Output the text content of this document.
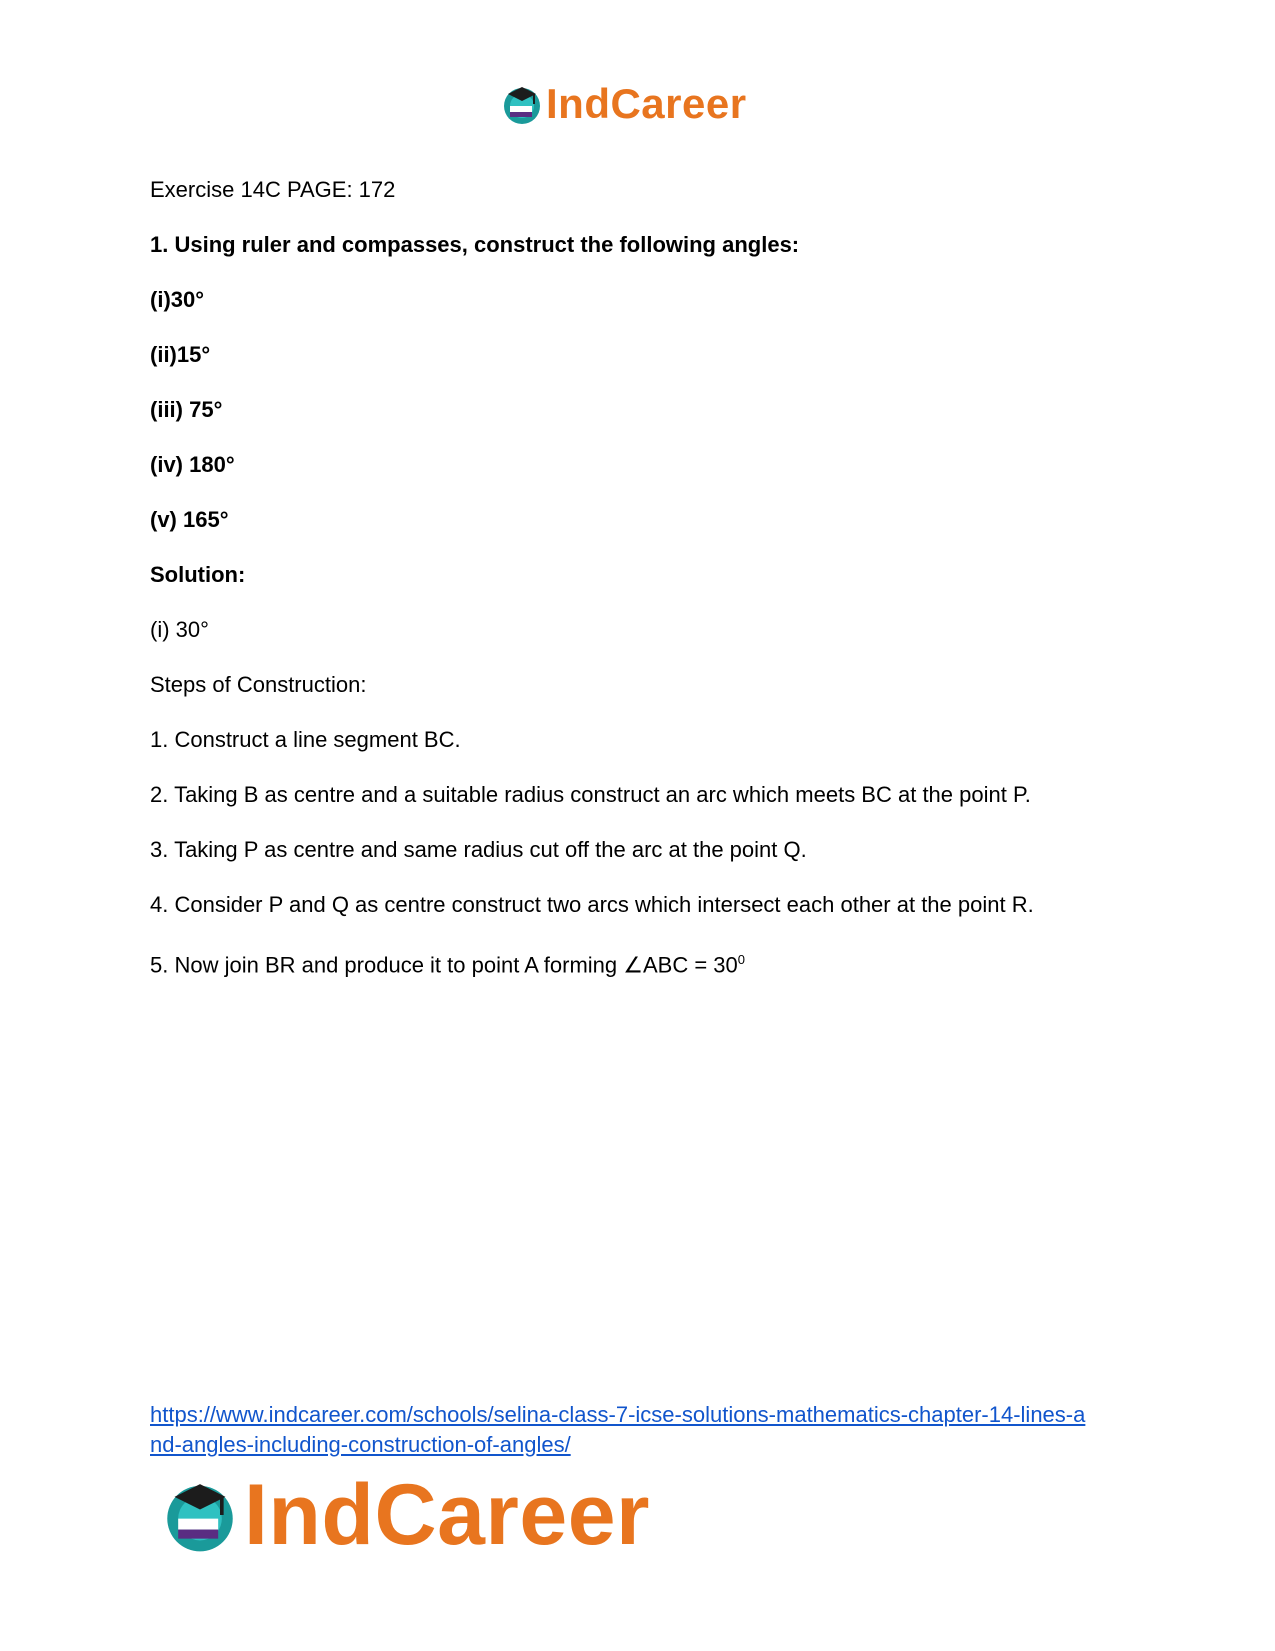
IndCareer

Exercise 14C PAGE: 172

1. Using ruler and compasses, construct the following angles:

(i)30°

(ii)15°

(iii) 75°

(iv) 180°

(v) 165°

Solution:

(i) 30°

Steps of Construction:

1. Construct a line segment BC.

2. Taking B as centre and a suitable radius construct an arc which meets BC at the point P.

3. Taking P as centre and same radius cut off the arc at the point Q.

4. Consider P and Q as centre construct two arcs which intersect each other at the point R.

5. Now join BR and produce it to point A forming ∠ABC = $30^0$

https://www.indcareer.com/schools/selina-class-7-icse-solutions-mathematics-chapter-14-lines-a
nd-angles-including-construction-of-angles/
IndCareer
